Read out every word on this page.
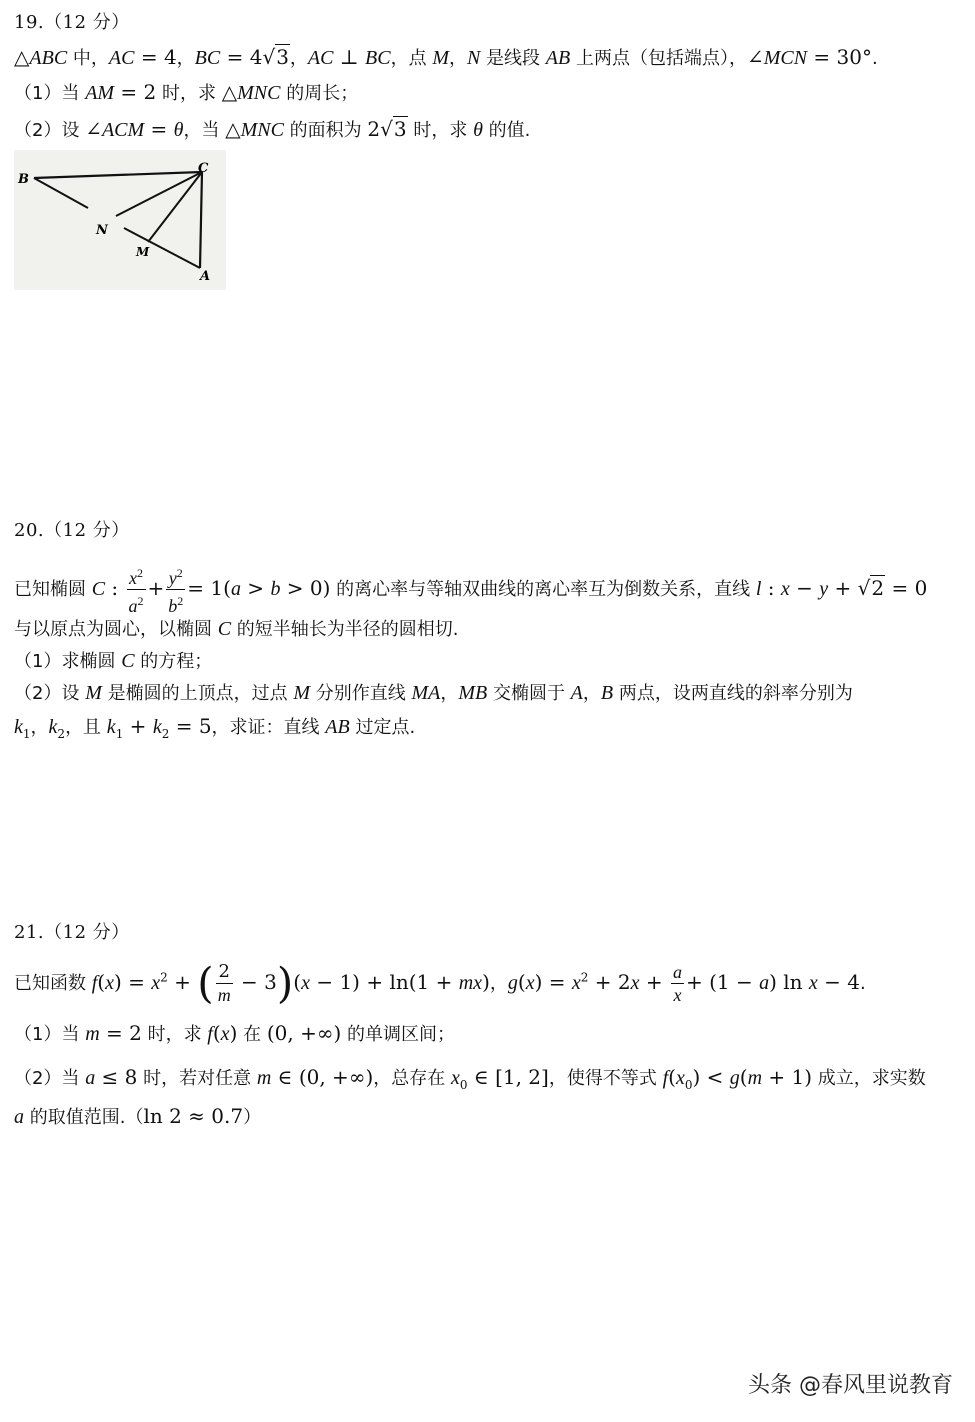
19.（12 分）
△ABC 中，AC = 4，BC = 4√3，AC ⊥ BC，点 M，N 是线段 AB 上两点（包括端点），∠MCN = 30°.
（1）当 AM = 2 时，求 △MNC 的周长；
（2）设 ∠ACM = θ，当 △MNC 的面积为 2√3 时，求 θ 的值.
B
C
N
M
A
20.（12 分）
已知椭圆 C : $\frac{x^2}{a^2} + \frac{y^2}{b^2} = 1(a > b > 0)$ 的离心率与等轴双曲线的离心率互为倒数关系，直线 l : x − y + √2 = 0
与以原点为圆心，以椭圆 C 的短半轴长为半径的圆相切.
（1）求椭圆 C 的方程；
（2）设 M 是椭圆的上顶点，过点 M 分别作直线 MA，MB 交椭圆于 A，B 两点，设两直线的斜率分别为
$k_1$，$k_2$，且 $k_1 + k_2 = 5$，求证：直线 AB 过定点.
21.（12 分）
已知函数 $f(x) = x^2$ + ( $\frac{2}{m} - 3)(x - 1) + \ln(1 + mx)$，$g(x) = x^2 + 2x + \frac{a}{x} + (1 - a)$ ln x − 4.
（1）当 m = 2 时，求 f(x) 在 (0, +∞) 的单调区间；
（2）当 a ≤ 8 时，若对任意 m ∈ (0, +∞)，总存在 $x_0$ ∈ [1, 2]，使得不等式 $f(x_0) < g(m + 1)$ 成立，求实数
a 的取值范围.（ln 2 ≈ 0.7）
头条 @春风里说教育
